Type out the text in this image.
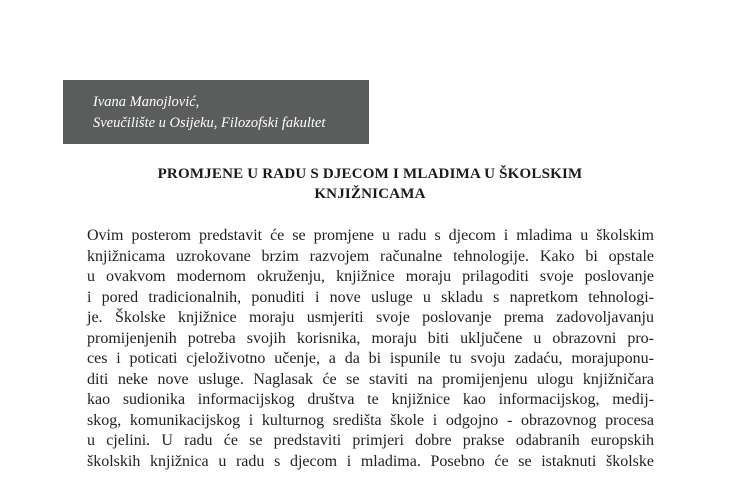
Ivana Manojlović,
Sveučilište u Osijeku, Filozofski fakultet
PROMJENE U RADU S DJECOM I MLADIMA U ŠKOLSKIM
KNJIŽNICAMA
Ovim posterom predstavit će se promjene u radu s djecom i mladima u školskim
knjižnicama uzrokovane brzim razvojem računalne tehnologije. Kako bi opstale
u ovakvom modernom okruženju, knjižnice moraju prilagoditi svoje poslovanje
i pored tradicionalnih, ponuditi i nove usluge u skladu s napretkom tehnologi-
je. Školske knjižnice moraju usmjeriti svoje poslovanje prema zadovoljavanju
promijenjenih potreba svojih korisnika, moraju biti uključene u obrazovni pro-
ces i poticati cjeloživotno učenje, a da bi ispunile tu svoju zadaću, morajuponu-
diti neke nove usluge. Naglasak će se staviti na promijenjenu ulogu knjižničara
kao sudionika informacijskog društva te knjižnice kao informacijskog, medij-
skog, komunikacijskog i kulturnog središta škole i odgojno - obrazovnog procesa
u cjelini. U radu će se predstaviti primjeri dobre prakse odabranih europskih
školskih knjižnica u radu s djecom i mladima. Posebno će se istaknuti školske
